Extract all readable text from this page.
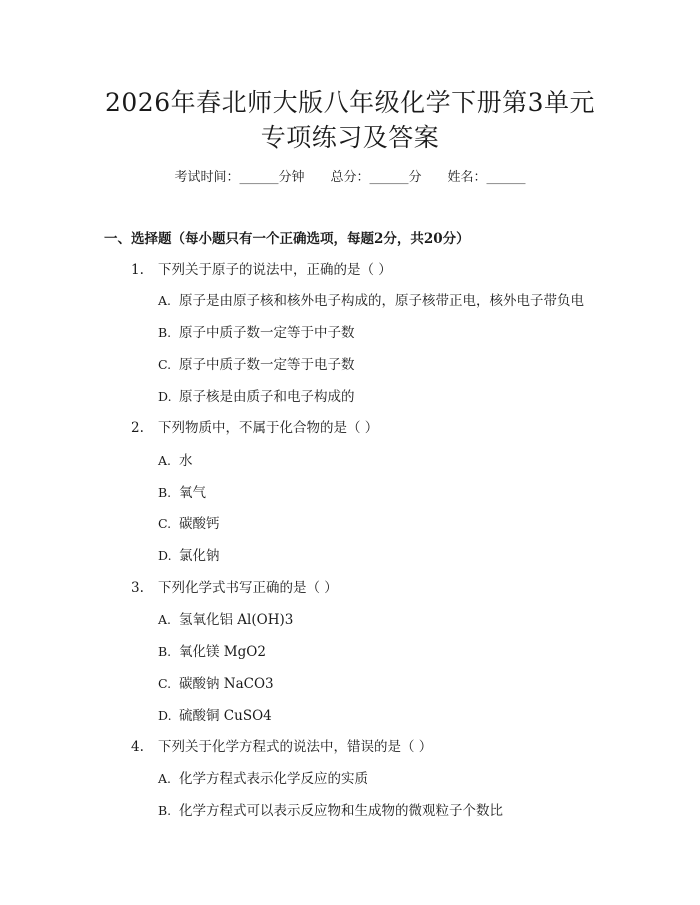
2026年春北师大版八年级化学下册第3单元
专项练习及答案
考试时间：______分钟 总分：______分 姓名：______
一、选择题（每小题只有一个正确选项，每题2分，共20分）
1. 下列关于原子的说法中，正确的是（ ）
A. 原子是由原子核和核外电子构成的，原子核带正电，核外电子带负电
B. 原子中质子数一定等于中子数
C. 原子中质子数一定等于电子数
D. 原子核是由质子和电子构成的
2. 下列物质中，不属于化合物的是（ ）
A. 水
B. 氧气
C. 碳酸钙
D. 氯化钠
3. 下列化学式书写正确的是（ ）
A. 氢氧化铝 Al(OH)3
B. 氧化镁 MgO2
C. 碳酸钠 NaCO3
D. 硫酸铜 CuSO4
4. 下列关于化学方程式的说法中，错误的是（ ）
A. 化学方程式表示化学反应的实质
B. 化学方程式可以表示反应物和生成物的微观粒子个数比
